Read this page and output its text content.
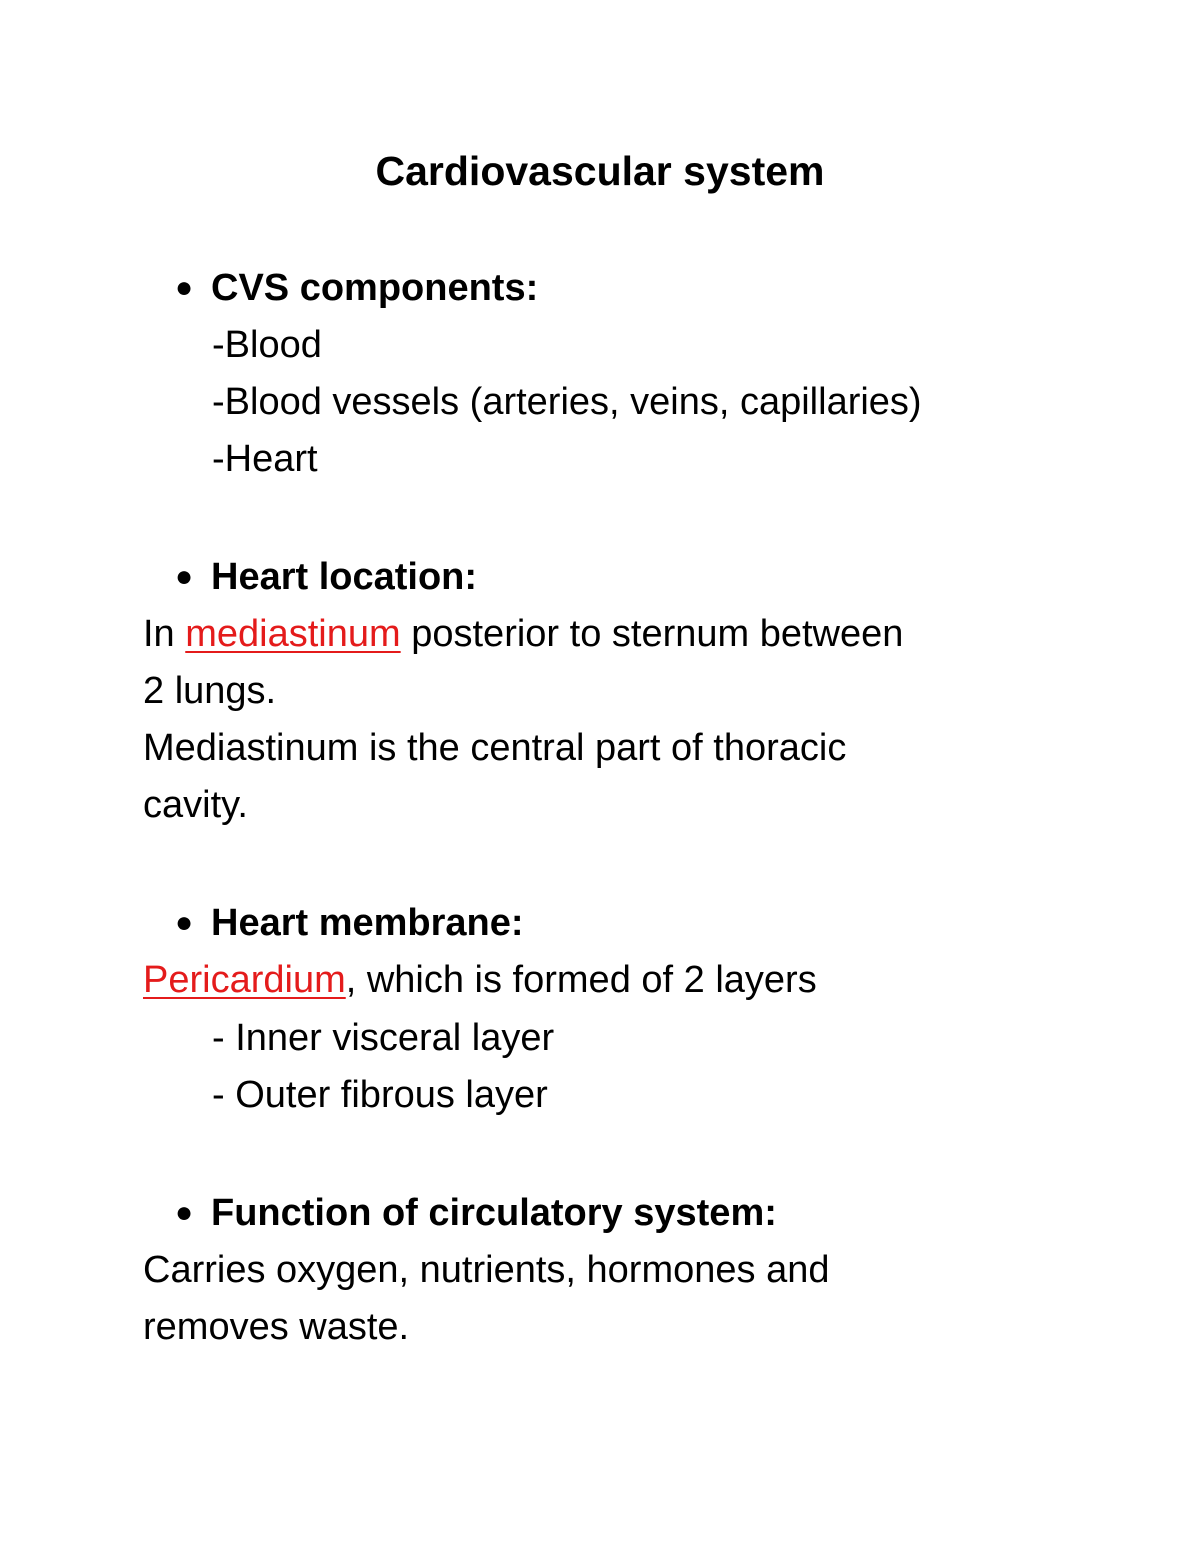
Cardiovascular system
● CVS components:
-Blood
-Blood vessels (arteries, veins, capillaries)
-Heart
● Heart location:
In mediastinum posterior to sternum between
2 lungs.
Mediastinum is the central part of thoracic
cavity.
● Heart membrane:
Pericardium, which is formed of 2 layers
- Inner visceral layer
- Outer fibrous layer
● Function of circulatory system:
Carries oxygen, nutrients, hormones and
removes waste.
